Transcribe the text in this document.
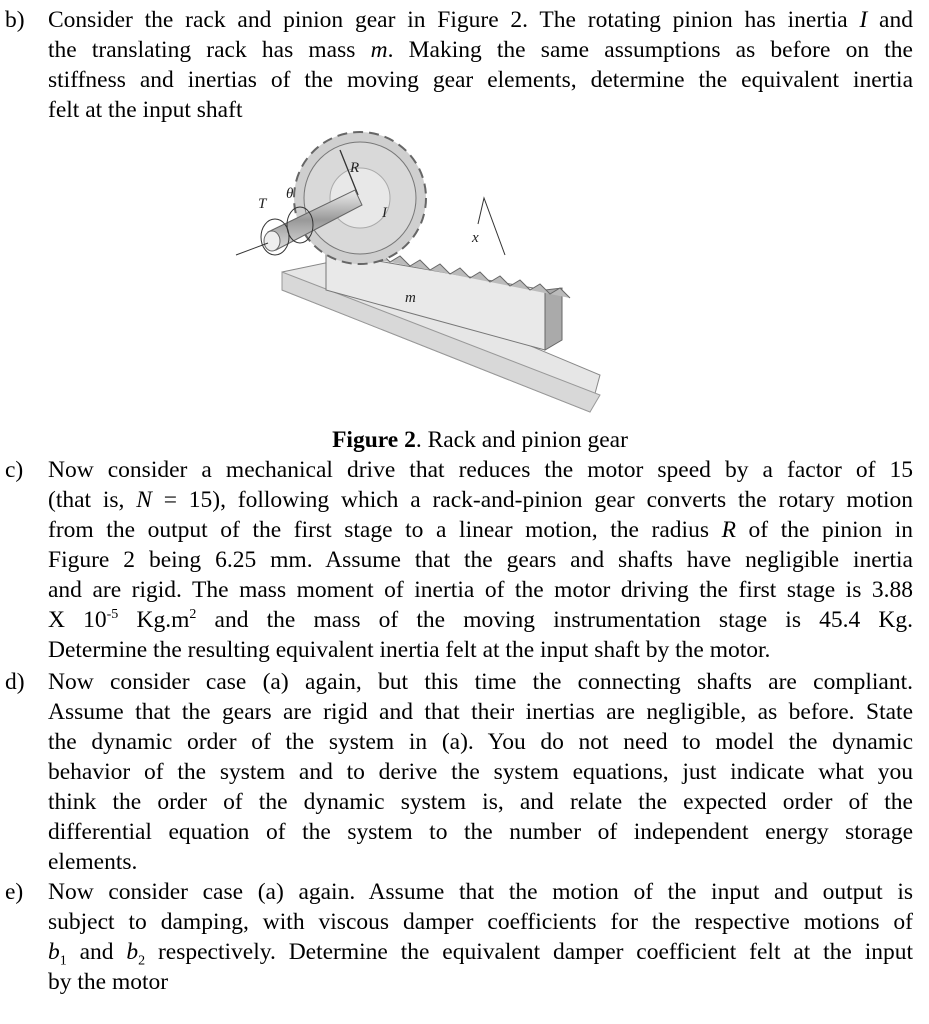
b) Consider the rack and pinion gear in Figure 2. The rotating pinion has inertia I and
the translating rack has mass m. Making the same assumptions as before on the
stiffness and inertias of the moving gear elements, determine the equivalent inertia
felt at the input shaft
T
θ
R
I
x
m
Figure 2. Rack and pinion gear
c) Now consider a mechanical drive that reduces the motor speed by a factor of 15
(that is, N = 15), following which a rack-and-pinion gear converts the rotary motion
from the output of the first stage to a linear motion, the radius R of the pinion in
Figure 2 being 6.25 mm. Assume that the gears and shafts have negligible inertia
and are rigid. The mass moment of inertia of the motor driving the first stage is 3.88
X $10^{-5}$ $Kg.m^2$ and the mass of the moving instrumentation stage is 45.4 Kg.
Determine the resulting equivalent inertia felt at the input shaft by the motor.
d) Now consider case (a) again, but this time the connecting shafts are compliant.
Assume that the gears are rigid and that their inertias are negligible, as before. State
the dynamic order of the system in (a). You do not need to model the dynamic
behavior of the system and to derive the system equations, just indicate what you
think the order of the dynamic system is, and relate the expected order of the
differential equation of the system to the number of independent energy storage
elements.
e) Now consider case (a) again. Assume that the motion of the input and output is
subject to damping, with viscous damper coefficients for the respective motions of
$b_1$ and $b_2$ respectively. Determine the equivalent damper coefficient felt at the input
by the motor
